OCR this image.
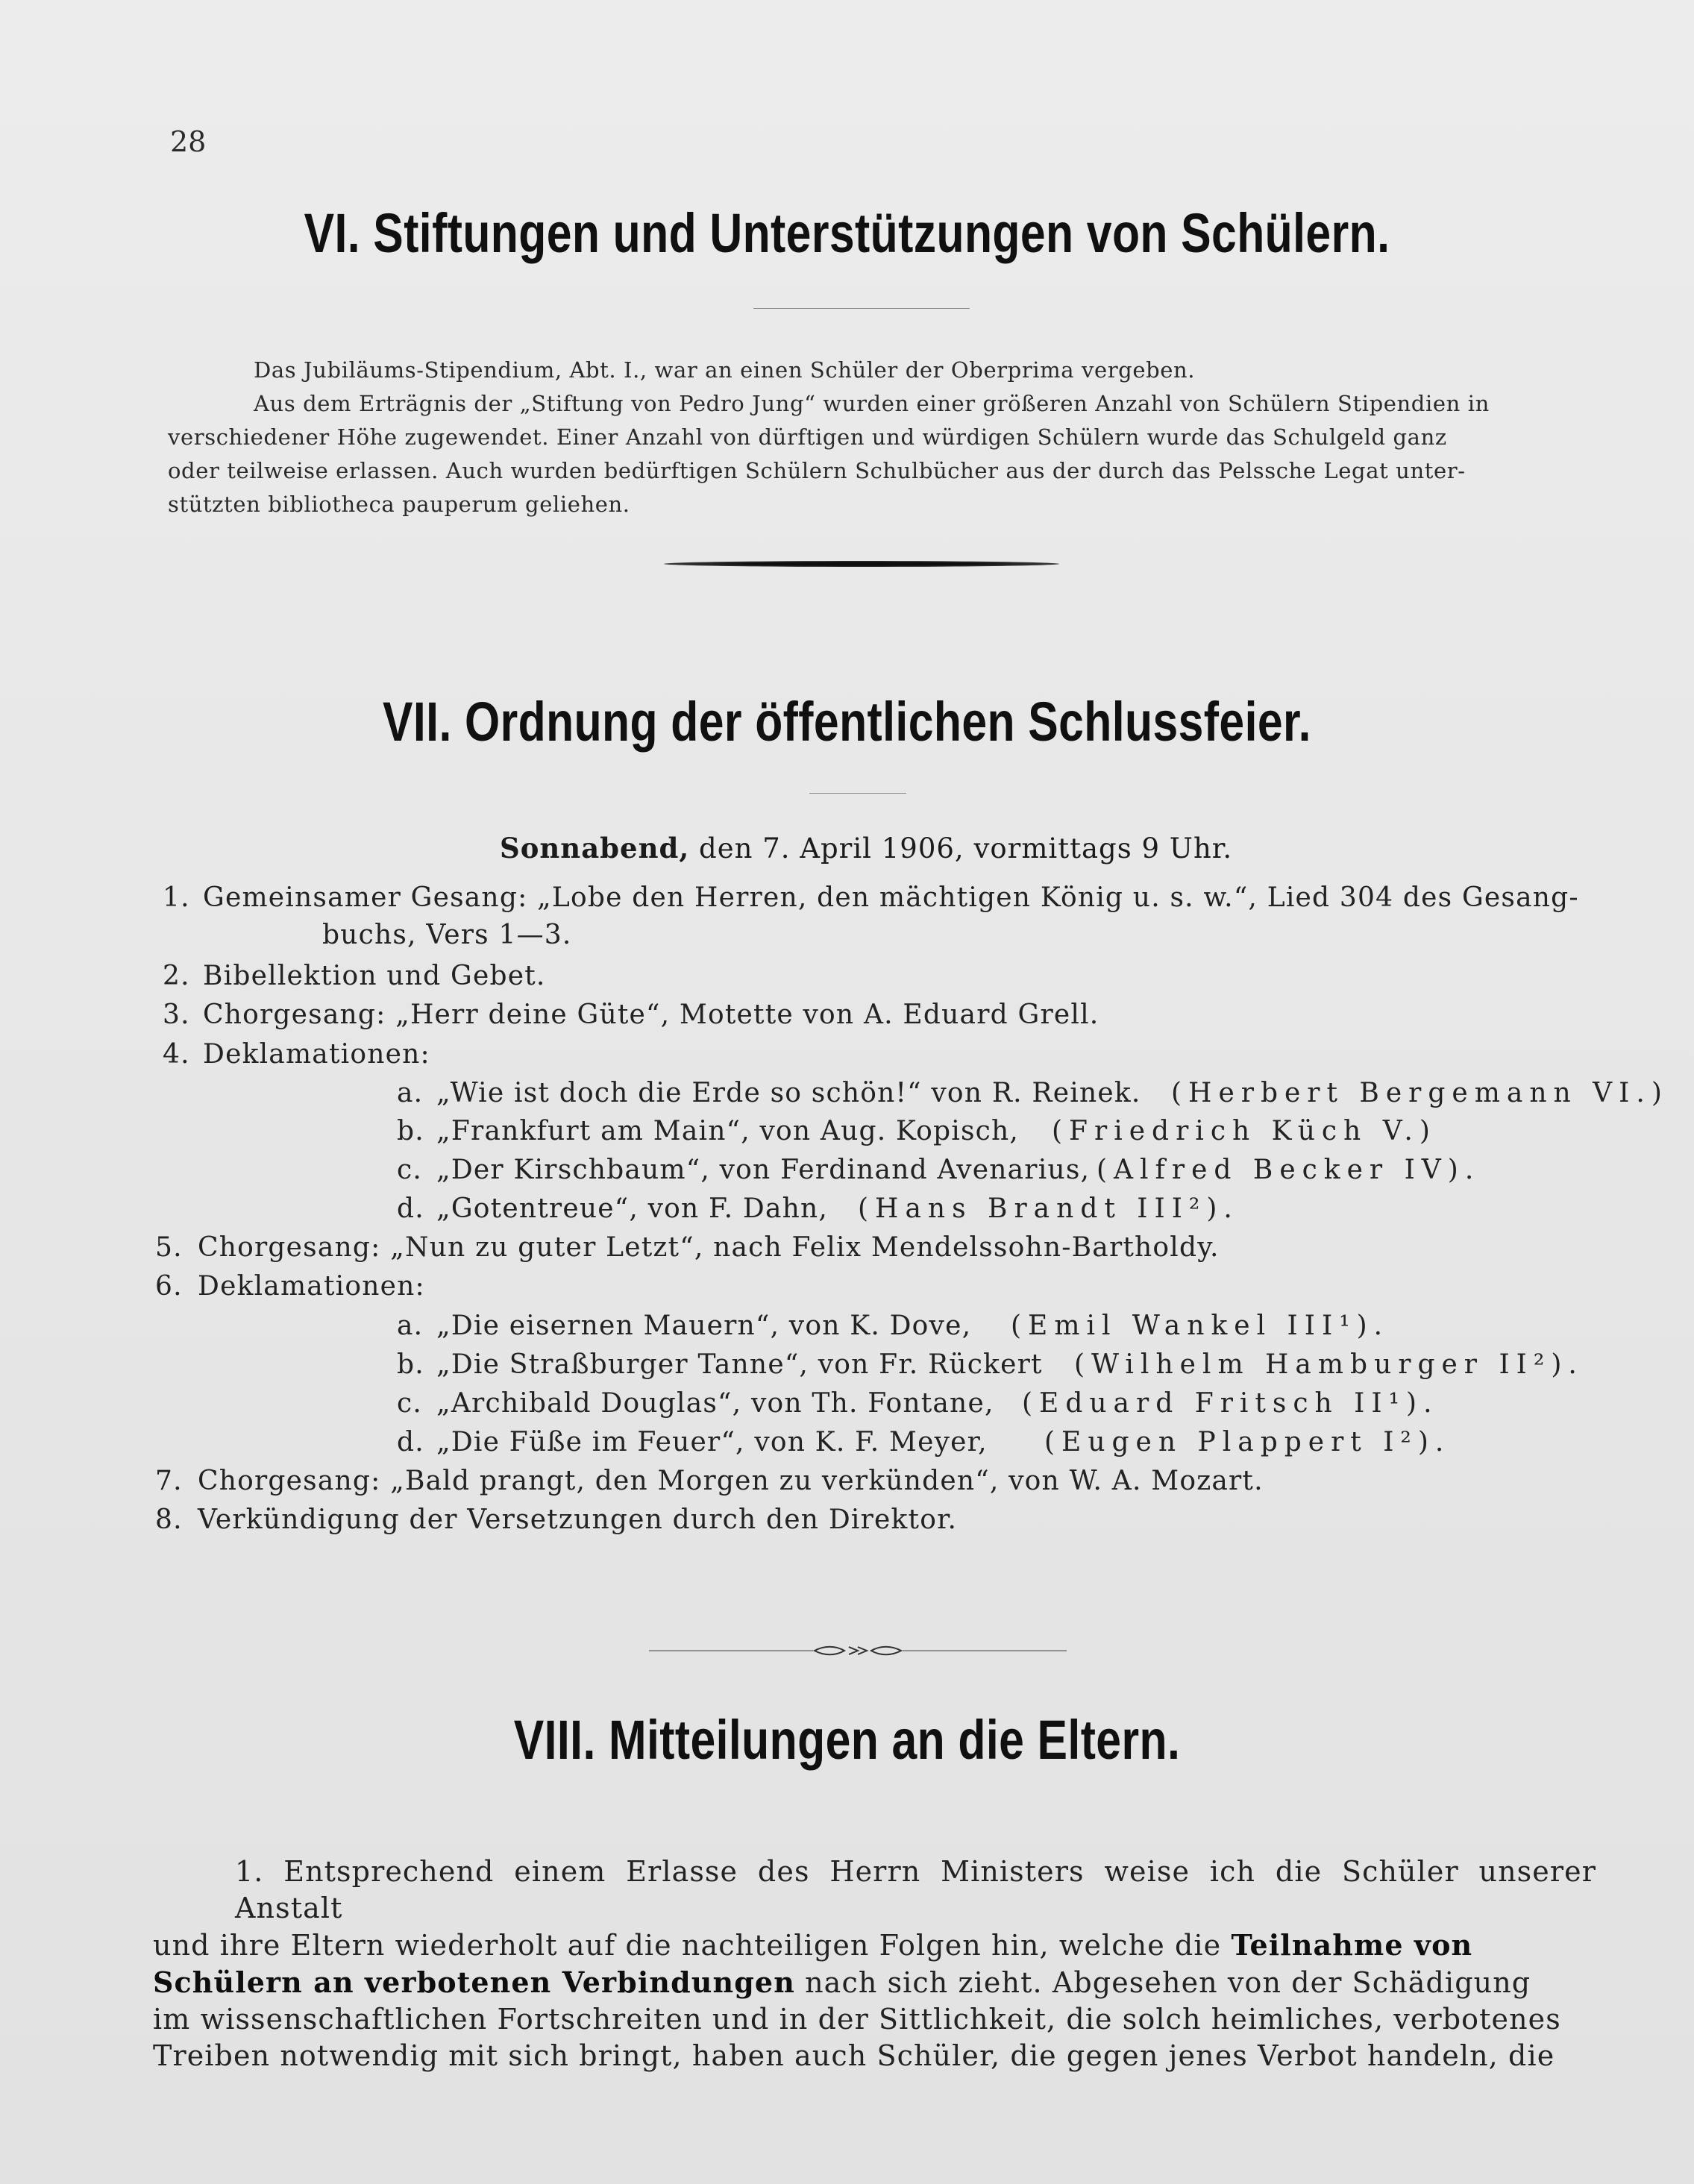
28
VI. Stiftungen und Unterstützungen von Schülern.
Das Jubiläums-Stipendium, Abt. I., war an einen Schüler der Oberprima vergeben.
Aus dem Erträgnis der „Stiftung von Pedro Jung“ wurden einer größeren Anzahl von Schülern Stipendien in
verschiedener Höhe zugewendet. Einer Anzahl von dürftigen und würdigen Schülern wurde das Schulgeld ganz
oder teilweise erlassen. Auch wurden bedürftigen Schülern Schulbücher aus der durch das Pelssche Legat unter-
stützten bibliotheca pauperum geliehen.
VII. Ordnung der öffentlichen Schlussfeier.
Sonnabend, den 7. April 1906, vormittags 9 Uhr.
1. Gemeinsamer Gesang: „Lobe den Herren, den mächtigen König u. s. w.“, Lied 304 des Gesang-
buchs, Vers 1—3.
2. Bibellektion und Gebet.
3. Chorgesang: „Herr deine Güte“, Motette von A. Eduard Grell.
4. Deklamationen:
a. „Wie ist doch die Erde so schön!“ von R. Reinek. (Herbert Bergemann VI.)
b. „Frankfurt am Main“, von Aug. Kopisch, (Friedrich Küch V.)
c. „Der Kirschbaum“, von Ferdinand Avenarius, (Alfred Becker IV).
d. „Gotentreue“, von F. Dahn, (Hans Brandt III²).
5. Chorgesang: „Nun zu guter Letzt“, nach Felix Mendelssohn-Bartholdy.
6. Deklamationen:
a. „Die eisernen Mauern“, von K. Dove, (Emil Wankel III¹).
b. „Die Straßburger Tanne“, von Fr. Rückert (Wilhelm Hamburger II²).
c. „Archibald Douglas“, von Th. Fontane, (Eduard Fritsch II¹).
d. „Die Füße im Feuer“, von K. F. Meyer, (Eugen Plappert I²).
7. Chorgesang: „Bald prangt, den Morgen zu verkünden“, von W. A. Mozart.
8. Verkündigung der Versetzungen durch den Direktor.
VIII. Mitteilungen an die Eltern.
1. Entsprechend einem Erlasse des Herrn Ministers weise ich die Schüler unserer Anstalt
und ihre Eltern wiederholt auf die nachteiligen Folgen hin, welche die Teilnahme von
Schülern an verbotenen Verbindungen nach sich zieht. Abgesehen von der Schädigung
im wissenschaftlichen Fortschreiten und in der Sittlichkeit, die solch heimliches, verbotenes
Treiben notwendig mit sich bringt, haben auch Schüler, die gegen jenes Verbot handeln, die
